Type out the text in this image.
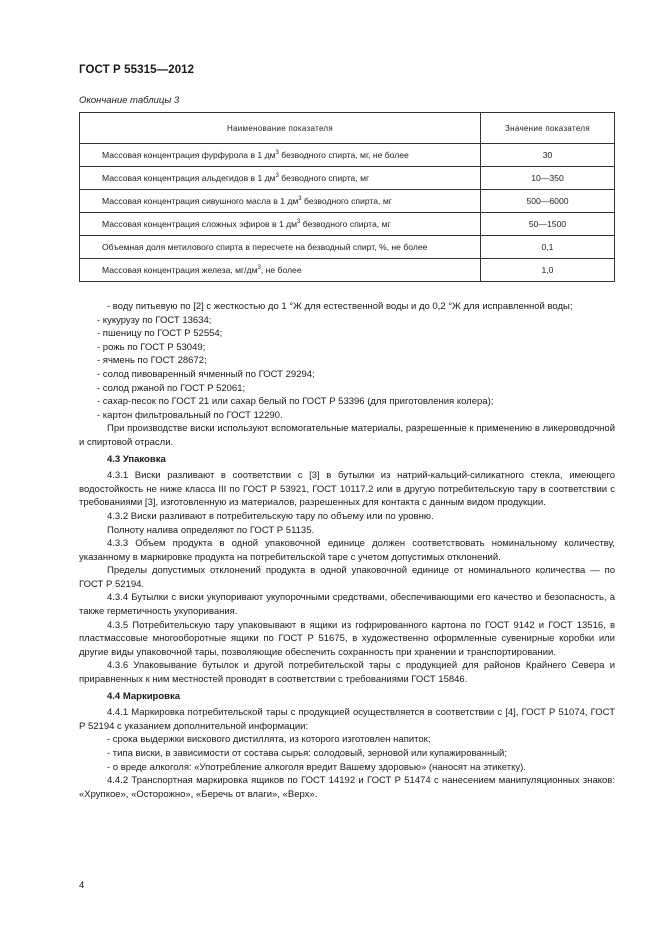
ГОСТ Р 55315—2012
Окончание таблицы 3
Наименование показателя	Значение показателя
Массовая концентрация фурфурола в 1 $дм^3$ безводного спирта, мг, не более	30
Массовая концентрация альдегидов в 1 $дм^3$ безводного спирта, мг	10—350
Массовая концентрация сивушного масла в 1 $дм^3$ безводного спирта, мг	500—6000
Массовая концентрация сложных эфиров в 1 $дм^3$ безводного спирта, мг	50—1500
Объемная доля метилового спирта в пересчете на безводный спирт, %, не более	0,1
Массовая концентрация железа, $мг/дм^3$, не более	1,0

- воду питьевую по [2] с жесткостью до 1 °Ж для естественной воды и до 0,2 °Ж для исправленной воды;

- кукурузу по ГОСТ 13634;

- пшеницу по ГОСТ Р 52554;

- рожь по ГОСТ Р 53049;

- ячмень по ГОСТ 28672;

- солод пивоваренный ячменный по ГОСТ 29294;

- солод ржаной по ГОСТ Р 52061;

- сахар-песок по ГОСТ 21 или сахар белый по ГОСТ Р 53396 (для приготовления колера);

- картон фильтровальный по ГОСТ 12290.

При производстве виски используют вспомогательные материалы, разрешенные к применению в ликероводочной и спиртовой отрасли.

4.3 Упаковка

4.3.1 Виски разливают в соответствии с [3] в бутылки из натрий-кальций-силикатного стекла, имеющего водостойкость не ниже класса III по ГОСТ Р 53921, ГОСТ 10117.2 или в другую потребительскую тару в соответствии с требованиями [3], изготовленную из материалов, разрешенных для контакта с данным видом продукции.

4.3.2 Виски разливают в потребительскую тару по объему или по уровню.

Полноту налива определяют по ГОСТ Р 51135.

4.3.3 Объем продукта в одной упаковочной единице должен соответствовать номинальному количеству, указанному в маркировке продукта на потребительской таре с учетом допустимых отклонений.

Пределы допустимых отклонений продукта в одной упаковочной единице от номинального количества — по ГОСТ Р 52194.

4.3.4 Бутылки с виски укупоривают укупорочными средствами, обеспечивающими его качество и безопасность, а также герметичность укупоривания.

4.3.5 Потребительскую тару упаковывают в ящики из гофрированного картона по ГОСТ 9142 и ГОСТ 13516, в пластмассовые многооборотные ящики по ГОСТ Р 51675, в художественно оформленные сувенирные коробки или другие виды упаковочной тары, позволяющие обеспечить сохранность при хранении и транспортировании.

4.3.6 Упаковывание бутылок и другой потребительской тары с продукцией для районов Крайнего Севера и приравненных к ним местностей проводят в соответствии с требованиями ГОСТ 15846.

4.4 Маркировка

4.4.1 Маркировка потребительской тары с продукцией осуществляется в соответствии с [4], ГОСТ Р 51074, ГОСТ Р 52194 с указанием дополнительной информации:

- срока выдержки вискового дистиллята, из которого изготовлен напиток;

- типа виски, в зависимости от состава сырья: солодовый, зерновой или купажированный;

- о вреде алкоголя: «Употребление алкоголя вредит Вашему здоровью» (наносят на этикетку).

4.4.2 Транспортная маркировка ящиков по ГОСТ 14192 и ГОСТ Р 51474 с нанесением манипуляционных знаков: «Хрупкое», «Осторожно», «Беречь от влаги», «Верх».

4
